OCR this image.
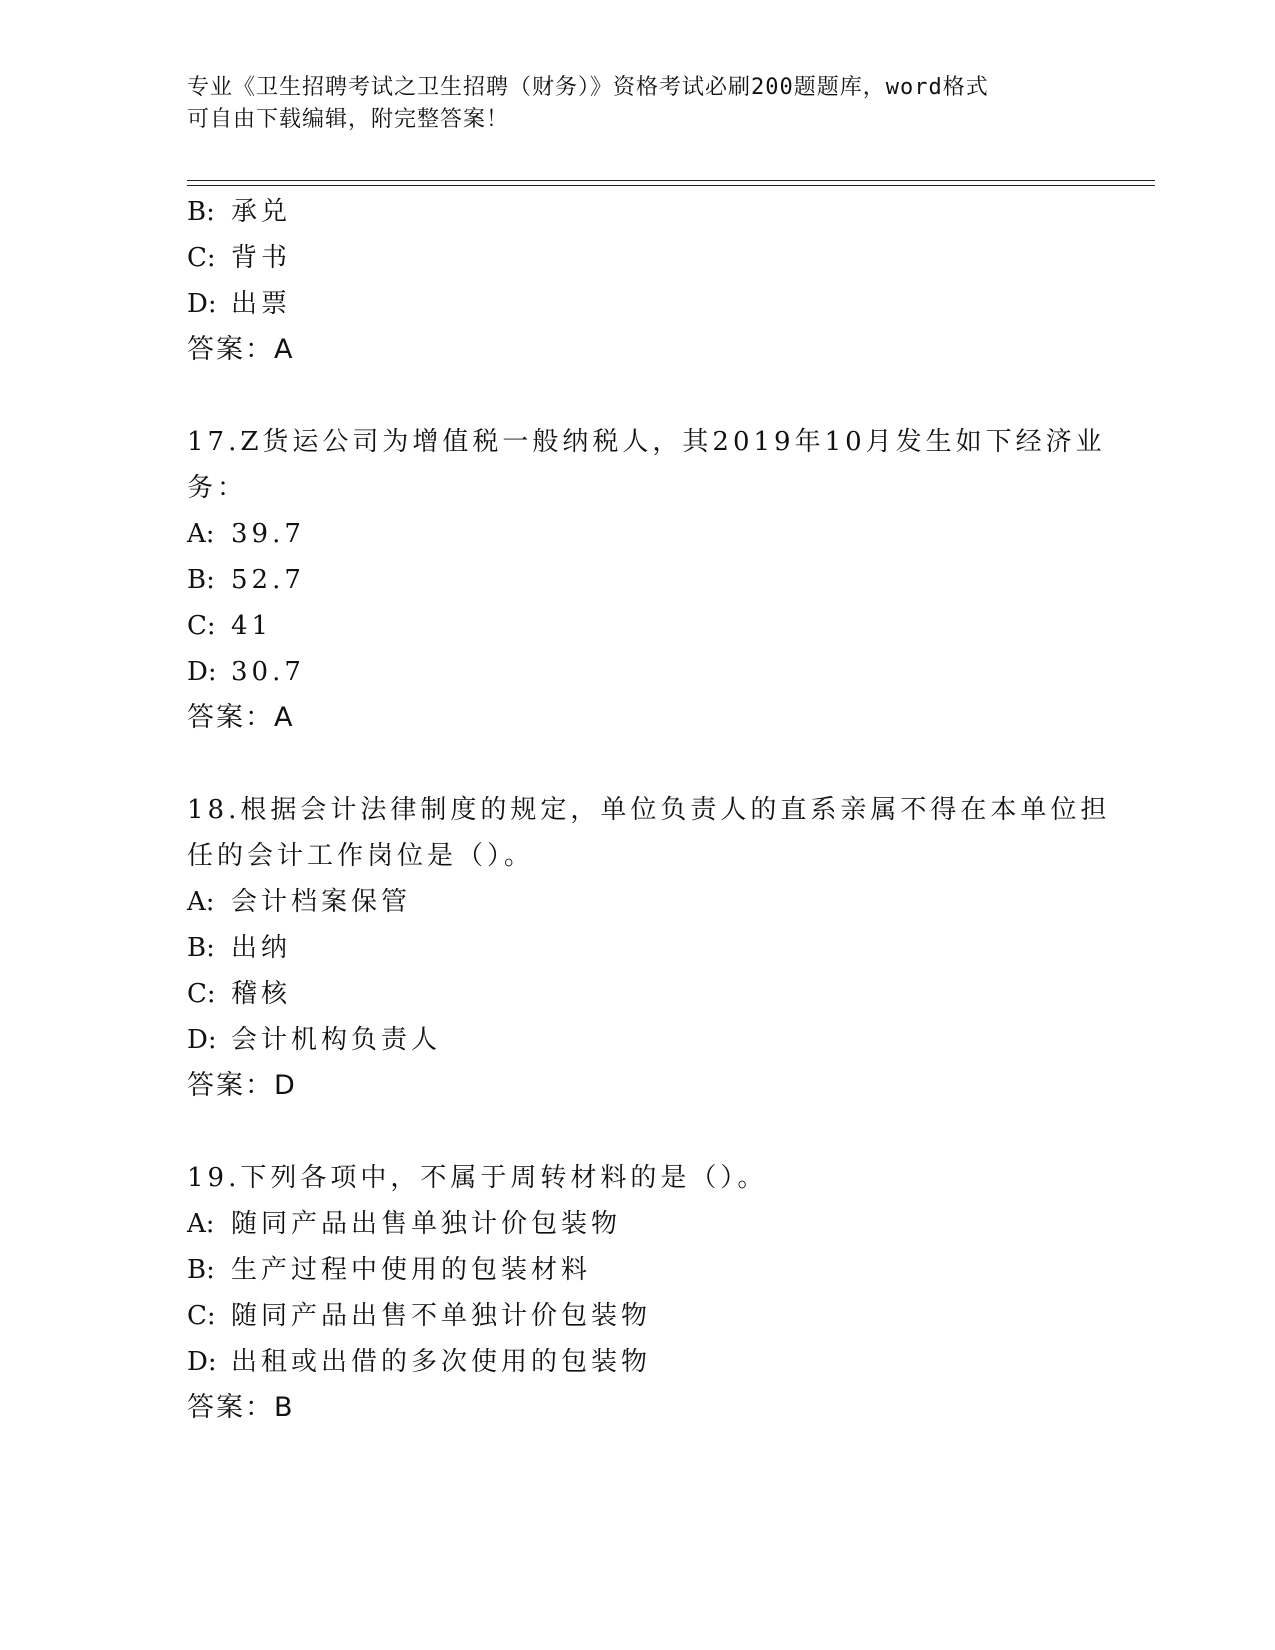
专业《卫生招聘考试之卫生招聘（财务）》资格考试必刷200题题库，word格式
可自由下载编辑，附完整答案！
B: 承兑
C: 背书
D: 出票
答案：A
17.Z货运公司为增值税一般纳税人，其2019年10月发生如下经济业
务：
A: 39.7
B: 52.7
C: 41
D: 30.7
答案：A
18.根据会计法律制度的规定，单位负责人的直系亲属不得在本单位担
任的会计工作岗位是（）。
A: 会计档案保管
B: 出纳
C: 稽核
D: 会计机构负责人
答案：D
19.下列各项中，不属于周转材料的是（）。
A: 随同产品出售单独计价包装物
B: 生产过程中使用的包装材料
C: 随同产品出售不单独计价包装物
D: 出租或出借的多次使用的包装物
答案：B
